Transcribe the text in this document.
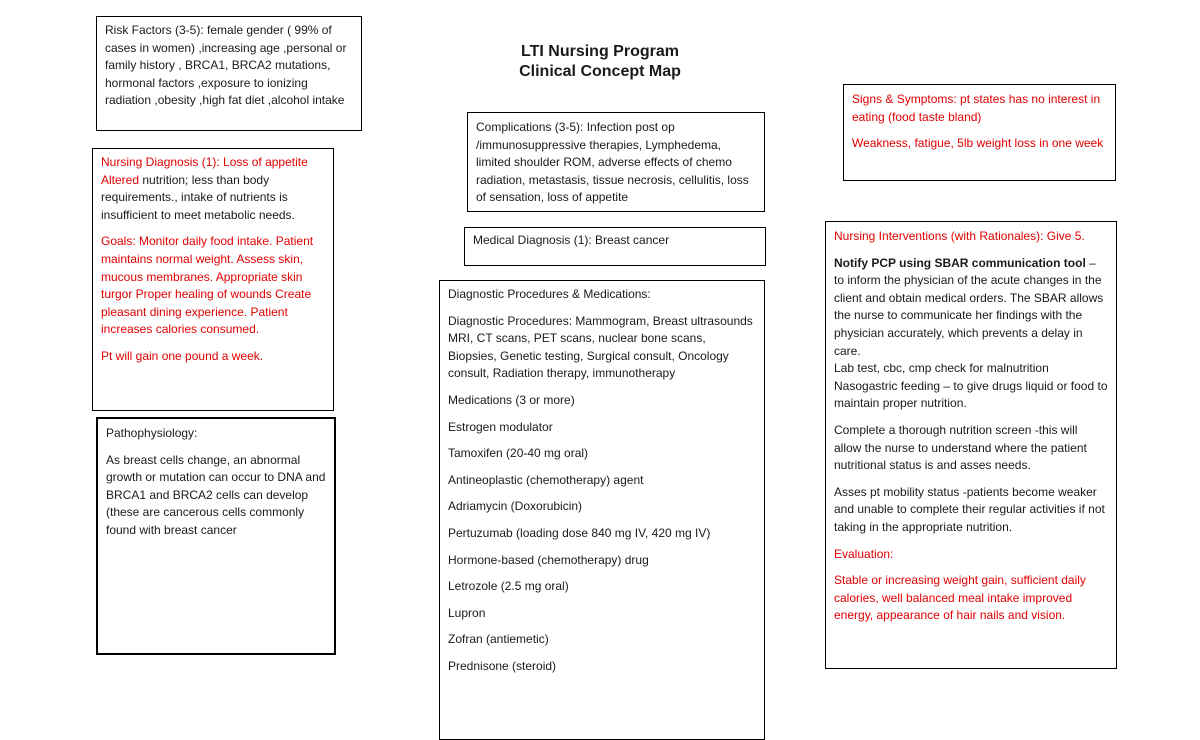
LTI Nursing Program
Clinical Concept Map

Risk Factors (3-5): female gender ( 99% of cases in women) ,increasing age ,personal or family history , BRCA1, BRCA2 mutations, hormonal factors ,exposure to ionizing radiation ,obesity ,high fat diet ,alcohol intake

Nursing Diagnosis (1): Loss of appetite
Altered nutrition; less than body requirements., intake of nutrients is insufficient to meet metabolic needs.

Goals: Monitor daily food intake. Patient maintains normal weight. Assess skin, mucous membranes. Appropriate skin turgor Proper healing of wounds Create pleasant dining experience. Patient increases calories consumed.

Pt will gain one pound a week.

Pathophysiology:

As breast cells change, an abnormal growth or mutation can occur to DNA and BRCA1 and BRCA2 cells can develop (these are cancerous cells commonly found with breast cancer

Complications (3-5): Infection post op /immunosuppressive therapies, Lymphedema, limited shoulder ROM, adverse effects of chemo radiation, metastasis, tissue necrosis, cellulitis, loss of sensation, loss of appetite

Medical Diagnosis (1): Breast cancer

Diagnostic Procedures & Medications:

Diagnostic Procedures: Mammogram, Breast ultrasounds MRI, CT scans, PET scans, nuclear bone scans, Biopsies, Genetic testing, Surgical consult, Oncology consult, Radiation therapy, immunotherapy

Medications (3 or more)

Estrogen modulator

Tamoxifen (20-40 mg oral)

Antineoplastic (chemotherapy) agent

Adriamycin (Doxorubicin)

Pertuzumab (loading dose 840 mg IV, 420 mg IV)

Hormone-based (chemotherapy) drug

Letrozole (2.5 mg oral)

Lupron

Zofran (antiemetic)

Prednisone (steroid)

Signs & Symptoms: pt states has no interest in eating (food taste bland)

Weakness, fatigue, 5lb weight loss in one week

Nursing Interventions (with Rationales): Give 5.

Notify PCP using SBAR communication tool – to inform the physician of the acute changes in the client and obtain medical orders. The SBAR allows the nurse to communicate her findings with the physician accurately, which prevents a delay in care.
Lab test, cbc, cmp check for malnutrition

Nasogastric feeding – to give drugs liquid or food to maintain proper nutrition.

Complete a thorough nutrition screen -this will allow the nurse to understand where the patient nutritional status is and asses needs.

Asses pt mobility status -patients become weaker and unable to complete their regular activities if not taking in the appropriate nutrition.

Evaluation:

Stable or increasing weight gain, sufficient daily calories, well balanced meal intake improved energy, appearance of hair nails and vision.
